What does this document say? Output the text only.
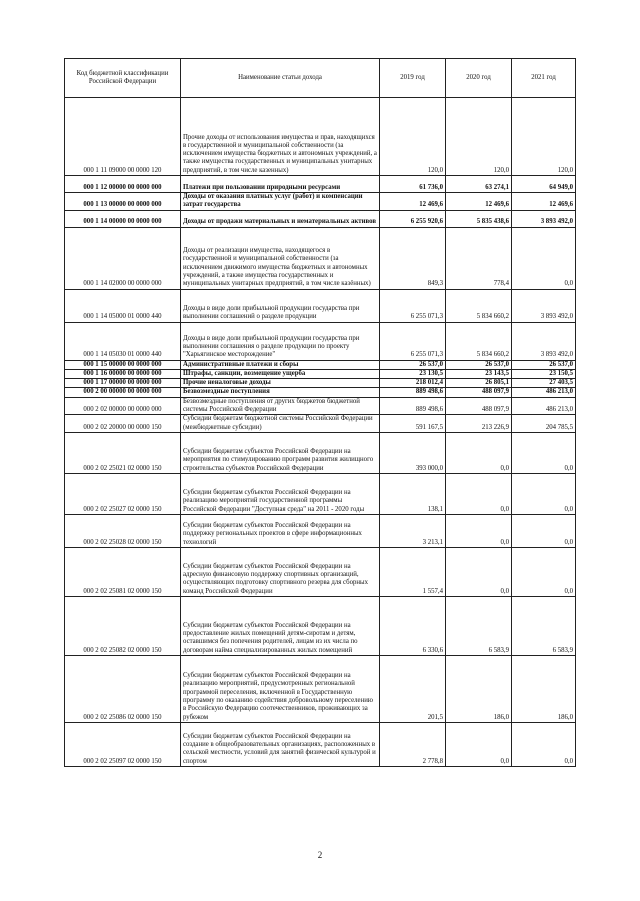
Код бюджетной классификации Российской Федерации	Наименование статьи дохода	2019 год	2020 год	2021 год
000 1 11 09000 00 0000 120	Прочие доходы от использования имущества и прав, находящихся в государственной и муниципальной собственности (за исключением имущества бюджетных и автономных учреждений, а также имущества государственных и муниципальных унитарных предприятий, в том числе казенных)	120,0	120,0	120,0
000 1 12 00000 00 0000 000	Платежи при пользовании природными ресурсами	61 736,0	63 274,1	64 949,0
000 1 13 00000 00 0000 000	Доходы от оказания платных услуг (работ) и компенсации затрат государства	12 469,6	12 469,6	12 469,6
000 1 14 00000 00 0000 000	Доходы от продажи материальных и нематериальных активов	6 255 920,6	5 835 438,6	3 893 492,0
000 1 14 02000 00 0000 000	Доходы от реализации имущества, находящегося в государственной и муниципальной собственности (за исключением движимого имущества бюджетных и автономных учреждений, а также имущества государственных и муниципальных унитарных предприятий, в том числе казённых)	849,3	778,4	0,0
000 1 14 05000 01 0000 440	Доходы в виде доли прибыльной продукции государства при выполнении соглашений о разделе продукции	6 255 071,3	5 834 660,2	3 893 492,0
000 1 14 05030 01 0000 440	Доходы в виде доли прибыльной продукции государства при выполнении соглашения о разделе продукции по проекту "Харьягинское месторождение"	6 255 071,3	5 834 660,2	3 893 492,0
000 1 15 00000 00 0000 000	Административные платежи и сборы	26 537,0	26 537,0	26 537,0
000 1 16 00000 00 0000 000	Штрафы, санкции, возмещение ущерба	23 130,5	23 143,5	23 150,5
000 1 17 00000 00 0000 000	Прочие неналоговые доходы	218 012,4	26 805,1	27 403,5
000 2 00 00000 00 0000 000	Безвозмездные поступления	889 498,6	488 097,9	486 213,0
000 2 02 00000 00 0000 000	Безвозмездные поступления от других бюджетов бюджетной системы Российской Федерации	889 498,6	488 097,9	486 213,0
000 2 02 20000 00 0000 150	Субсидии бюджетам бюджетной системы Российской Федерации (межбюджетные субсидии)	591 167,5	213 226,9	204 785,5
000 2 02 25021 02 0000 150	Субсидии бюджетам субъектов Российской Федерации на мероприятия по стимулированию программ развития жилищного строительства субъектов Российской Федерации	393 000,0	0,0	0,0
000 2 02 25027 02 0000 150	Субсидии бюджетам субъектов Российской Федерации на реализацию мероприятий государственной программы Российской Федерации "Доступная среда" на 2011 - 2020 годы	138,1	0,0	0,0
000 2 02 25028 02 0000 150	Субсидии бюджетам субъектов Российской Федерации на поддержку региональных проектов в сфере информационных технологий	3 213,1	0,0	0,0
000 2 02 25081 02 0000 150	Субсидии бюджетам субъектов Российской Федерации на адресную финансовую поддержку спортивных организаций, осуществляющих подготовку спортивного резерва для сборных команд Российской Федерации	1 557,4	0,0	0,0
000 2 02 25082 02 0000 150	Субсидии бюджетам субъектов Российской Федерации на предоставление жилых помещений детям-сиротам и детям, оставшимся без попечения родителей, лицам из их числа по договорам найма специализированных жилых помещений	6 330,6	6 583,9	6 583,9
000 2 02 25086 02 0000 150	Субсидии бюджетам субъектов Российской Федерации на реализацию мероприятий, предусмотренных региональной программой переселения, включенной в Государственную программу по оказанию содействия добровольному переселению в Российскую Федерацию соотечественников, проживающих за рубежом	201,5	186,0	186,0
000 2 02 25097 02 0000 150	Субсидии бюджетам субъектов Российской Федерации на создание в общеобразовательных организациях, расположенных в сельской местности, условий для занятий физической культурой и спортом	2 778,8	0,0	0,0
2
